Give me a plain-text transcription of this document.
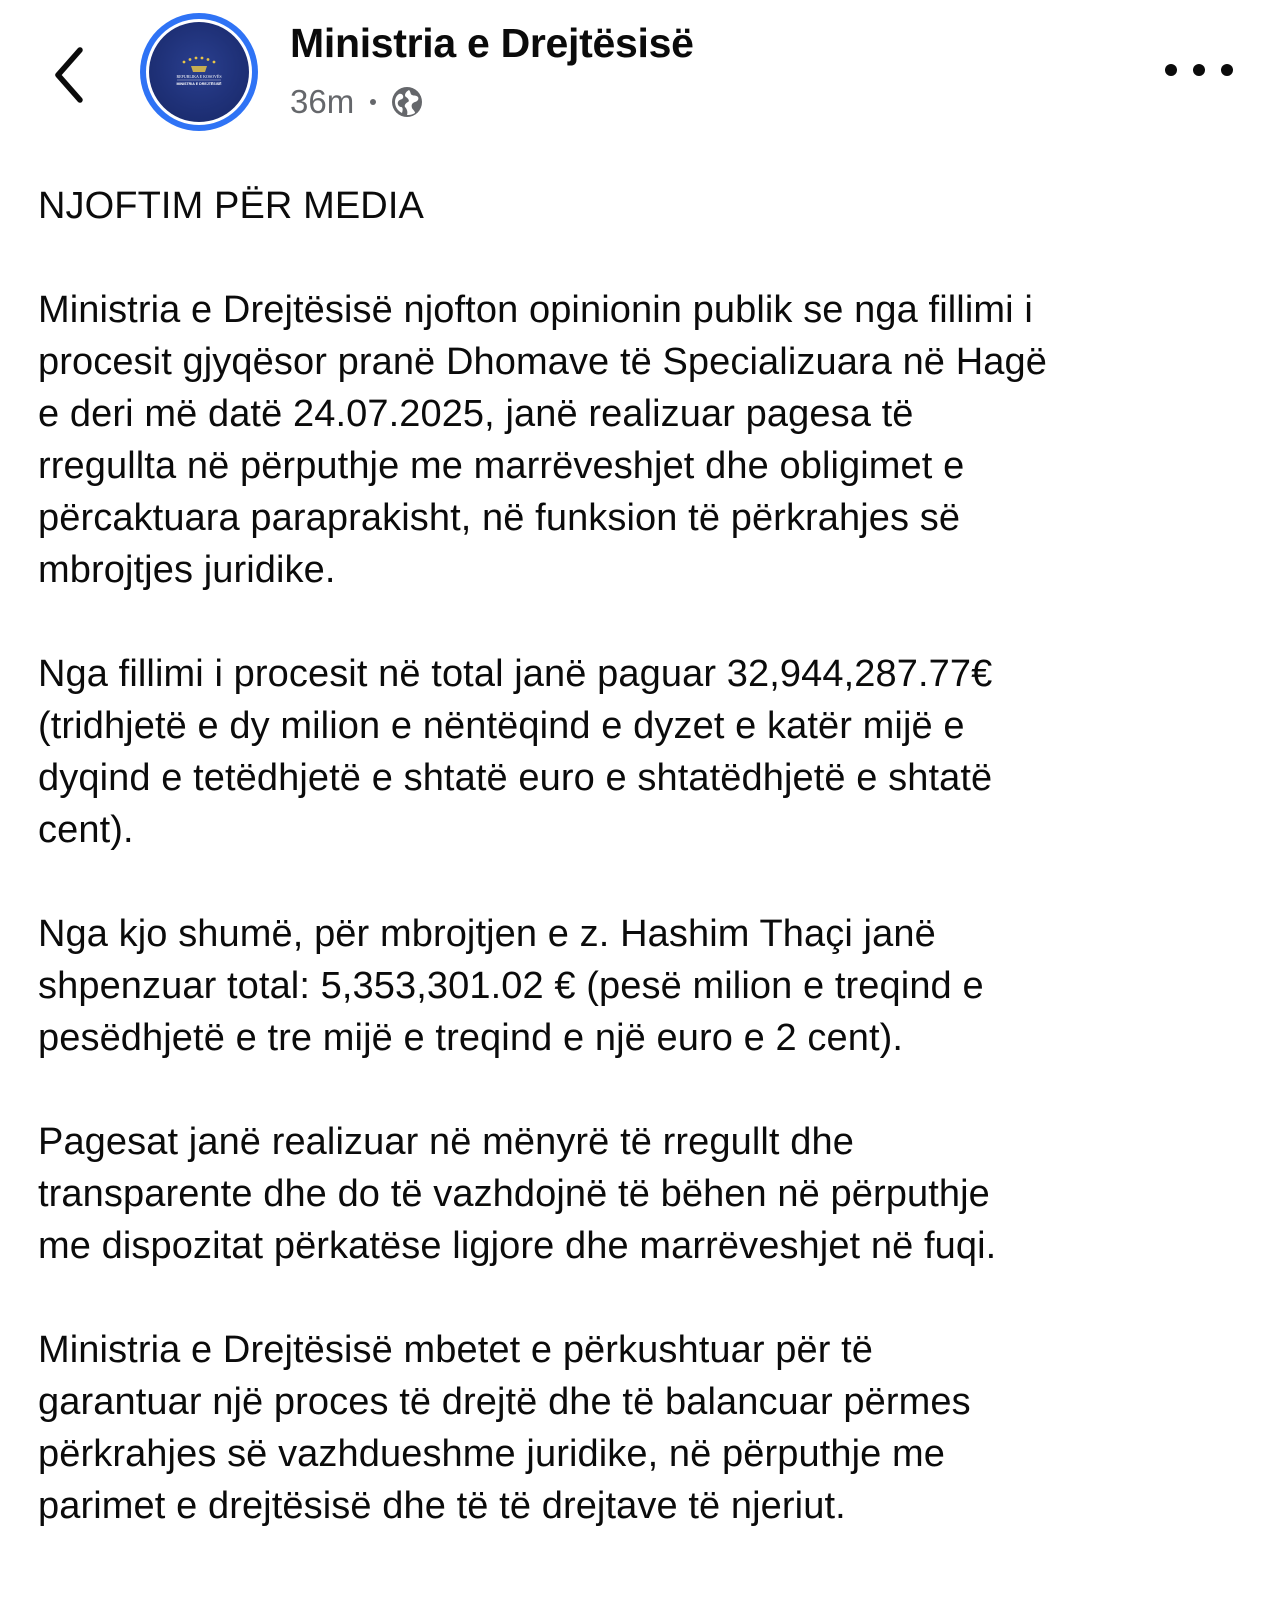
REPUBLIKA E KOSOVËS
MINISTRIA E DREJTËSISË
Ministria e Drejtësisë
36m

NJOFTIM PËR MEDIA

Ministria e Drejtësisë njofton opinionin publik se nga fillimi i
procesit gjyqësor pranë Dhomave të Specializuara në Hagë
e deri më datë 24.07.2025, janë realizuar pagesa të
rregullta në përputhje me marrëveshjet dhe obligimet e
përcaktuara paraprakisht, në funksion të përkrahjes së
mbrojtjes juridike.

Nga fillimi i procesit në total janë paguar 32,944,287.77€
(tridhjetë e dy milion e nëntëqind e dyzet e katër mijë e
dyqind e tetëdhjetë e shtatë euro e shtatëdhjetë e shtatë
cent).

Nga kjo shumë, për mbrojtjen e z. Hashim Thaçi janë
shpenzuar total: 5,353,301.02 € (pesë milion e treqind e
pesëdhjetë e tre mijë e treqind e një euro e 2 cent).

Pagesat janë realizuar në mënyrë të rregullt dhe
transparente dhe do të vazhdojnë të bëhen në përputhje
me dispozitat përkatëse ligjore dhe marrëveshjet në fuqi.

Ministria e Drejtësisë mbetet e përkushtuar për të
garantuar një proces të drejtë dhe të balancuar përmes
përkrahjes së vazhdueshme juridike, në përputhje me
parimet e drejtësisë dhe të të drejtave të njeriut.
